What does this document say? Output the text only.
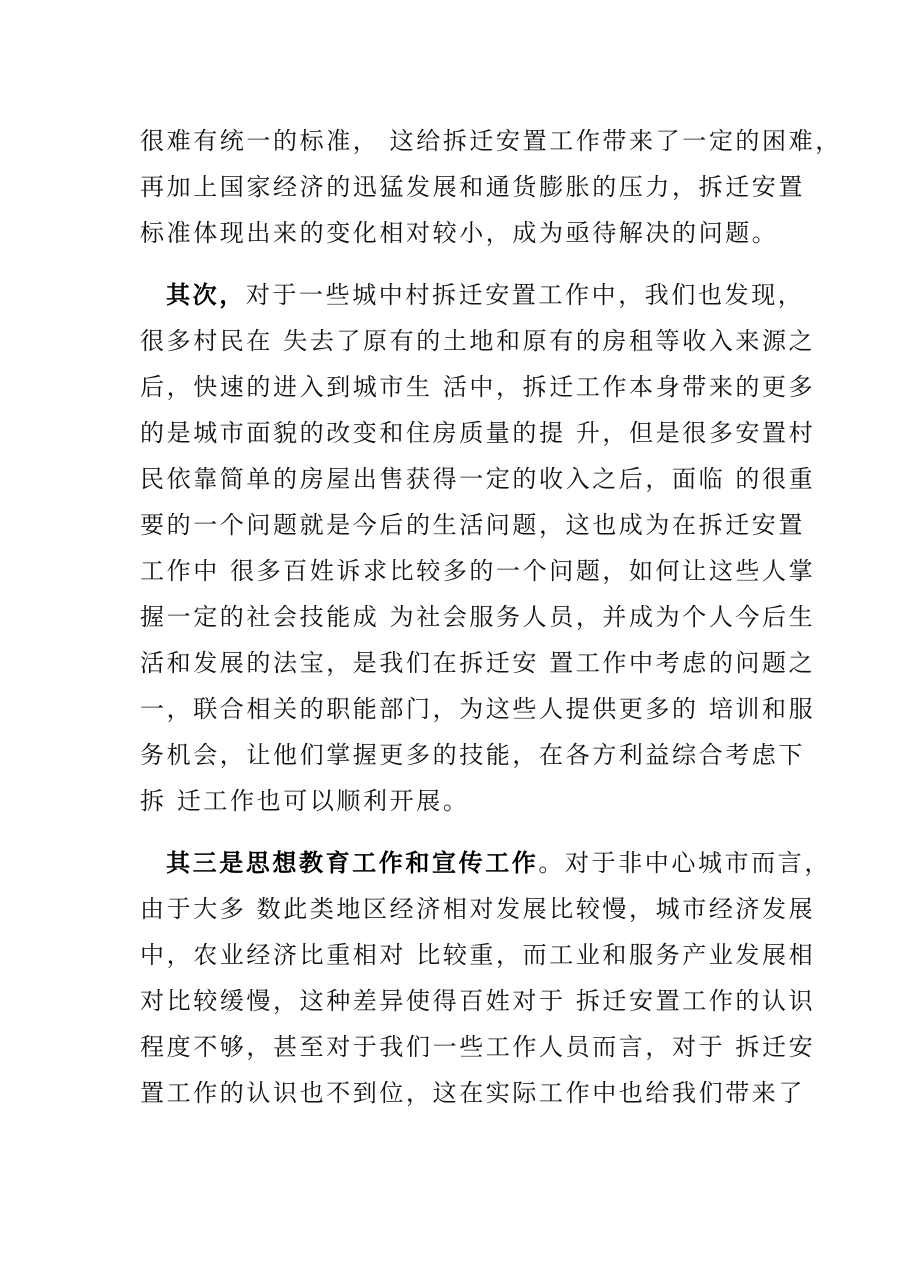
很难有统一的标准， 这给拆迁安置工作带来了一定的困难，
再加上国家经济的迅猛发展和通货膨胀的压力，拆迁安置
标准体现出来的变化相对较小，成为亟待解决的问题。
其次，对于一些城中村拆迁安置工作中，我们也发现，
很多村民在 失去了原有的土地和原有的房租等收入来源之
后，快速的进入到城市生 活中，拆迁工作本身带来的更多
的是城市面貌的改变和住房质量的提 升，但是很多安置村
民依靠简单的房屋出售获得一定的收入之后，面临 的很重
要的一个问题就是今后的生活问题，这也成为在拆迁安置
工作中 很多百姓诉求比较多的一个问题，如何让这些人掌
握一定的社会技能成 为社会服务人员，并成为个人今后生
活和发展的法宝，是我们在拆迁安 置工作中考虑的问题之
一，联合相关的职能部门，为这些人提供更多的 培训和服
务机会，让他们掌握更多的技能，在各方利益综合考虑下
拆 迁工作也可以顺利开展。
其三是思想教育工作和宣传工作。对于非中心城市而言，
由于大多 数此类地区经济相对发展比较慢，城市经济发展
中，农业经济比重相对 比较重，而工业和服务产业发展相
对比较缓慢，这种差异使得百姓对于 拆迁安置工作的认识
程度不够，甚至对于我们一些工作人员而言，对于 拆迁安
置工作的认识也不到位，这在实际工作中也给我们带来了
